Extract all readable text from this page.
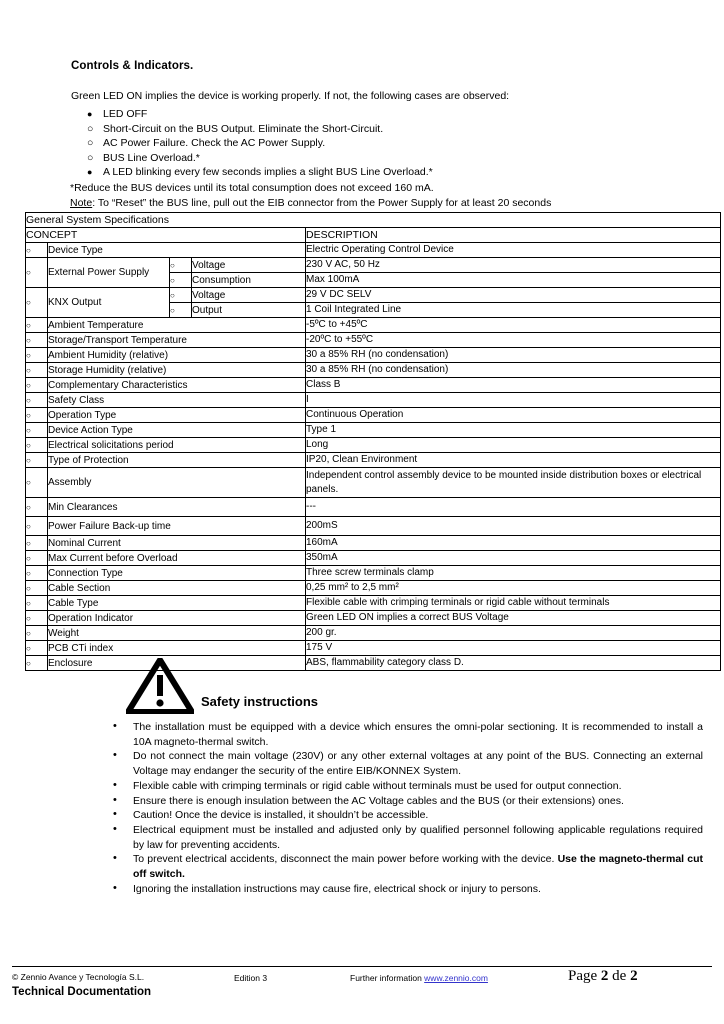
Controls & Indicators.

Green LED ON implies the device is working properly. If not, the following cases are observed:

● LED OFF
○ Short-Circuit on the BUS Output. Eliminate the Short-Circuit.
○ AC Power Failure. Check the AC Power Supply.
○ BUS Line Overload.*
● A LED blinking every few seconds implies a slight BUS Line Overload.*

*Reduce the BUS devices until its total consumption does not exceed 160 mA.

Note: To “Reset” the BUS line, pull out the EIB connector from the Power Supply for at least 20 seconds

General System Specifications				
CONCEPT				DESCRIPTION
○	Device Type			Electric Operating Control Device
○	External Power Supply	○	Voltage	230 V AC, 50 Hz
		○	Consumption	Max 100mA
○	KNX Output	○	Voltage	29 V DC SELV
		○	Output	1 Coil Integrated Line
○	Ambient Temperature			-5ºC to +45ºC
○	Storage/Transport Temperature			-20ºC to +55ºC
○	Ambient Humidity (relative)			30 a 85% RH (no condensation)
○	Storage Humidity (relative)			30 a 85% RH (no condensation)
○	Complementary Characteristics			Class B
○	Safety Class			I
○	Operation Type			Continuous Operation
○	Device Action Type			Type 1
○	Electrical solicitations period			Long
○	Type of Protection			IP20, Clean Environment
○	Assembly			Independent control assembly device to be mounted inside distribution boxes or electrical panels.
○	Min Clearances			---
○	Power Failure Back-up time			200mS
○	Nominal Current			160mA
○	Max Current before Overload			350mA
○	Connection Type			Three screw terminals clamp
○	Cable Section			0,25 mm² to 2,5 mm²
○	Cable Type			Flexible cable with crimping terminals or rigid cable without terminals
○	Operation Indicator			Green LED ON implies a correct BUS Voltage
○	Weight			200 gr.
○	PCB CTi index			175 V
○	Enclosure			ABS, flammability category class D.
Safety instructions
• The installation must be equipped with a device which ensures the omni-polar sectioning. It is recommended to install a 10A magneto-thermal switch.
• Do not connect the main voltage (230V) or any other external voltages at any point of the BUS. Connecting an external Voltage may endanger the security of the entire EIB/KONNEX System.
• Flexible cable with crimping terminals or rigid cable without terminals must be used for output connection.
• Ensure there is enough insulation between the AC Voltage cables and the BUS (or their extensions) ones.
• Caution! Once the device is installed, it shouldn’t be accessible.
• Electrical equipment must be installed and adjusted only by qualified personnel following applicable regulations required by law for preventing accidents.
• To prevent electrical accidents, disconnect the main power before working with the device. Use the magneto-thermal cut off switch.
• Ignoring the installation instructions may cause fire, electrical shock or injury to persons.
© Zennio Avance y Tecnología S.L.
Technical Documentation
Edition 3	Further information www.zennio.com	Page 2 de 2
